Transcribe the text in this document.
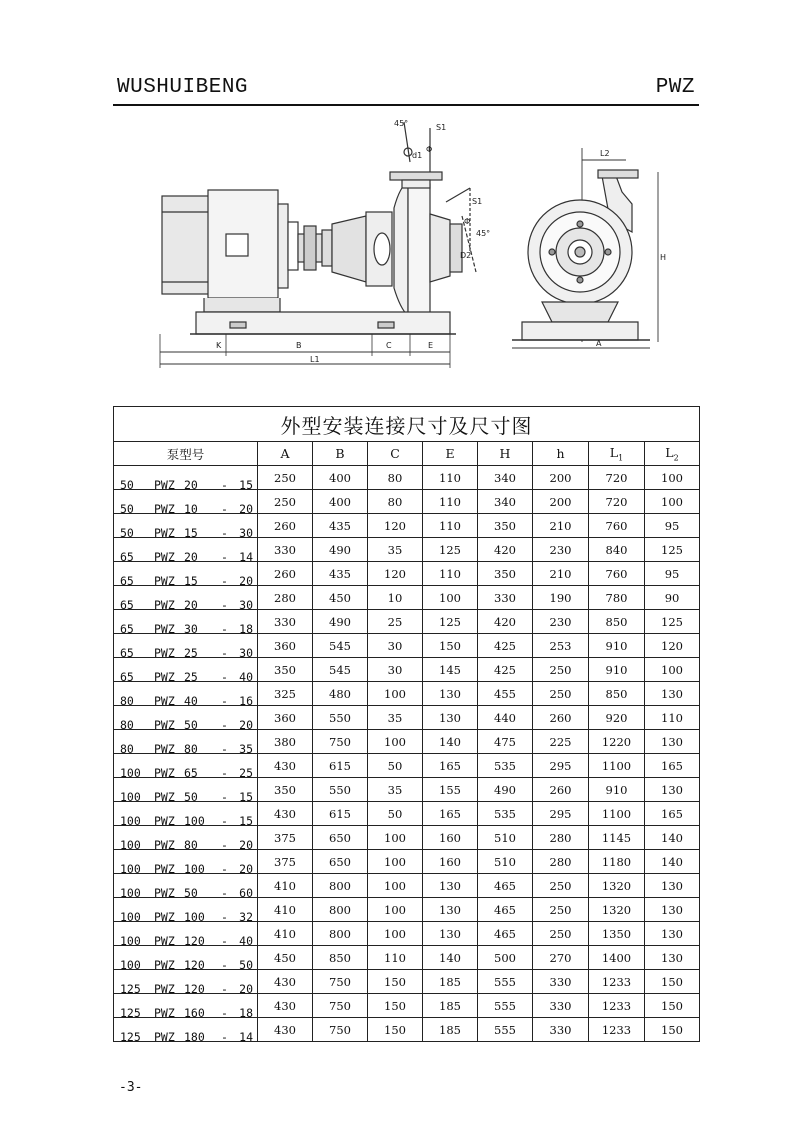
WUSHUIBENG	PWZ
45°	S1
d1
Φ
S1
Φ
45°
D2
K	B	C	E
L1
L2
H
A
外型安装连接尺寸及尺寸图								
泵型号	A	B	C	E	H	h	$L_1$	$L_2$

50 PWZ 20 - 15	250	400	80	110	340	200	720	100

50 PWZ 10 - 20	250	400	80	110	340	200	720	100

50 PWZ 15 - 30	260	435	120	110	350	210	760	95

65 PWZ 20 - 14	330	490	35	125	420	230	840	125

65 PWZ 15 - 20	260	435	120	110	350	210	760	95

65 PWZ 20 - 30	280	450	10	100	330	190	780	90

65 PWZ 30 - 18	330	490	25	125	420	230	850	125

65 PWZ 25 - 30	360	545	30	150	425	253	910	120

65 PWZ 25 - 40	350	545	30	145	425	250	910	100

80 PWZ 40 - 16	325	480	100	130	455	250	850	130

80 PWZ 50 - 20	360	550	35	130	440	260	920	110

80 PWZ 80 - 35	380	750	100	140	475	225	1220	130

100 PWZ 65 - 25	430	615	50	165	535	295	1100	165

100 PWZ 50 - 15	350	550	35	155	490	260	910	130

100 PWZ 100 - 15	430	615	50	165	535	295	1100	165

100 PWZ 80 - 20	375	650	100	160	510	280	1145	140

100 PWZ 100 - 20	375	650	100	160	510	280	1180	140

100 PWZ 50 - 60	410	800	100	130	465	250	1320	130

100 PWZ 100 - 32	410	800	100	130	465	250	1320	130

100 PWZ 120 - 40	410	800	100	130	465	250	1350	130

100 PWZ 120 - 50	450	850	110	140	500	270	1400	130

125 PWZ 120 - 20	430	750	150	185	555	330	1233	150

125 PWZ 160 - 18	430	750	150	185	555	330	1233	150

125 PWZ 180 - 14	430	750	150	185	555	330	1233	150
-3-
